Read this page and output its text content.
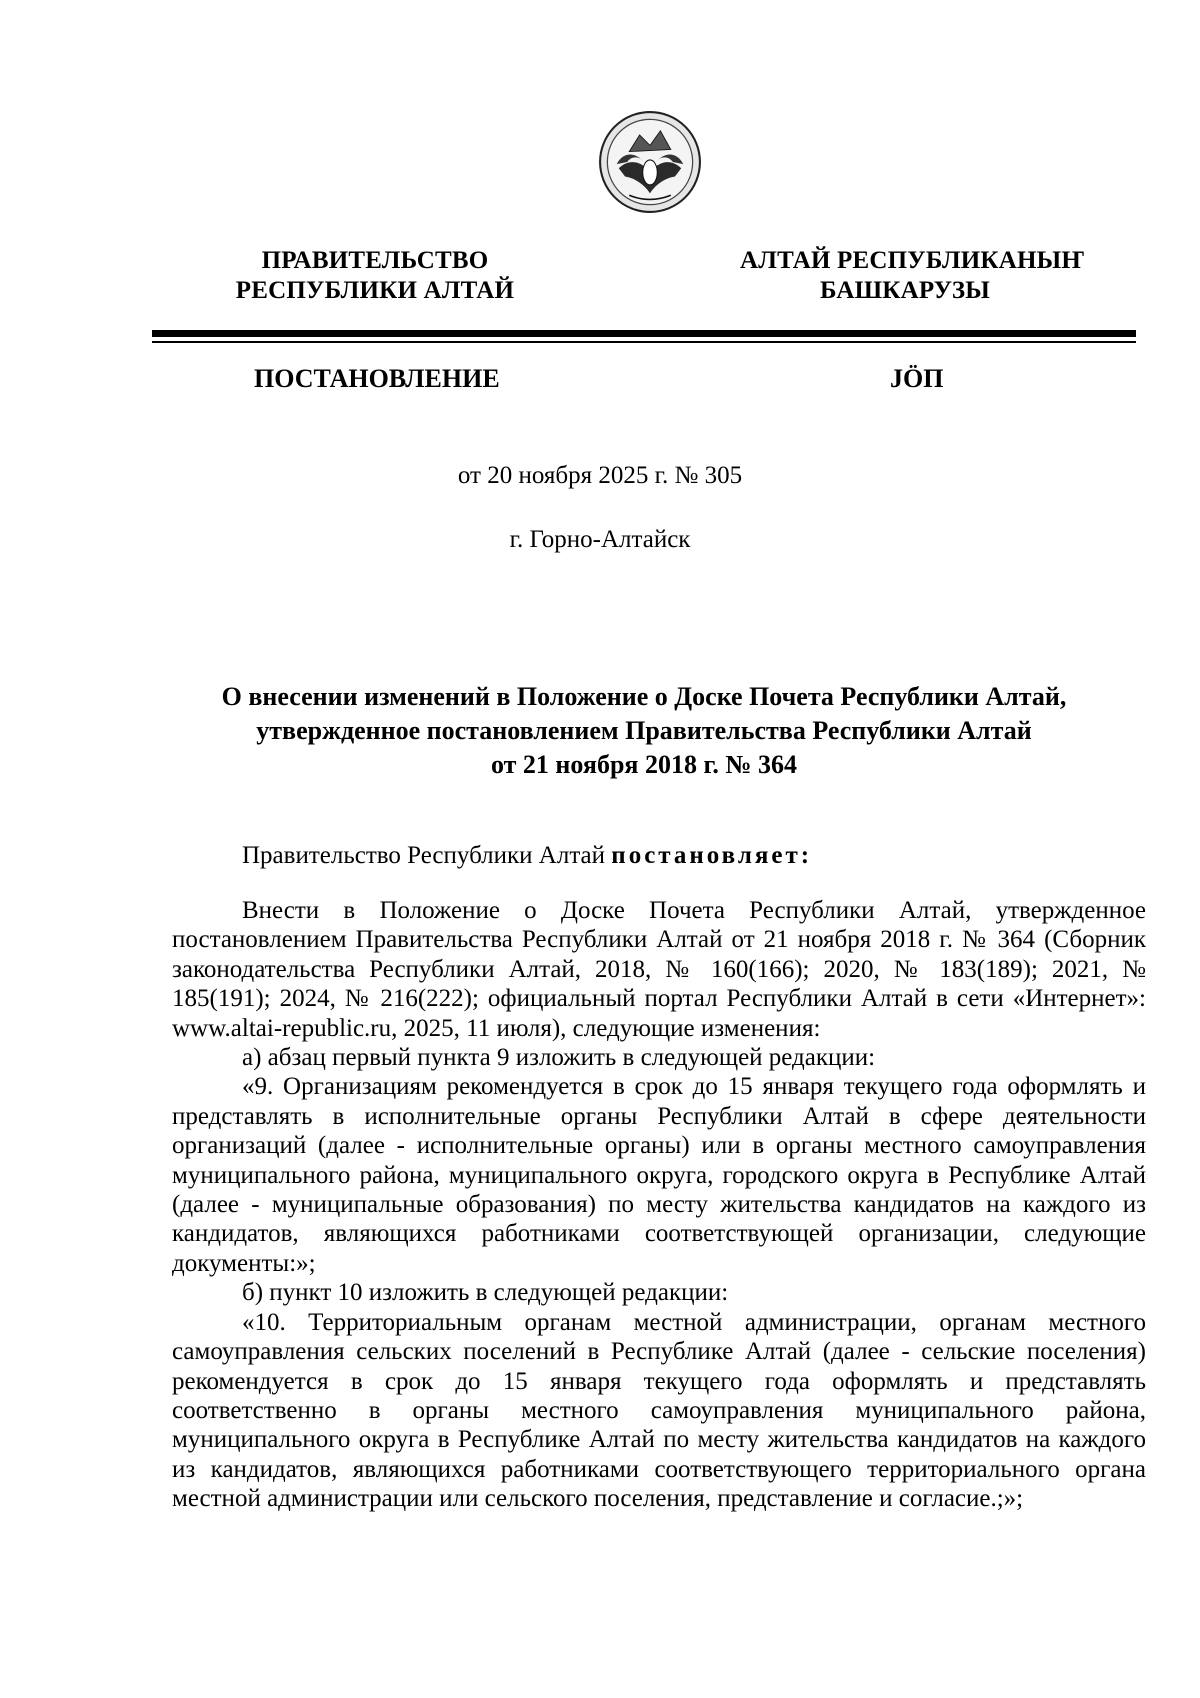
ПРАВИТЕЛЬСТВО
РЕСПУБЛИКИ АЛТАЙ
АЛТАЙ РЕСПУБЛИКАНЫҤ
БАШКАРУЗЫ
ПОСТАНОВЛЕНИЕ	JÖП
от 20 ноября 2025 г. № 305
г. Горно-Алтайск
О внесении изменений в Положение о Доске Почета Республики Алтай,
утвержденное постановлением Правительства Республики Алтай
от 21 ноября 2018 г. № 364
Правительство Республики Алтай постановляет:

Внести в Положение о Доске Почета Республики Алтай, утвержденное постановлением Правительства Республики Алтай от 21 ноября 2018 г. № 364 (Сборник законодательства Республики Алтай, 2018, № 160(166); 2020, № 183(189); 2021, № 185(191); 2024, № 216(222); официальный портал Республики Алтай в сети «Интернет»: www.altai-republic.ru, 2025, 11 июля), следующие изменения:

а) абзац первый пункта 9 изложить в следующей редакции:

«9. Организациям рекомендуется в срок до 15 января текущего года оформлять и представлять в исполнительные органы Республики Алтай в сфере деятельности организаций (далее - исполнительные органы) или в органы местного самоуправления муниципального района, муниципального округа, городского округа в Республике Алтай (далее - муниципальные образования) по месту жительства кандидатов на каждого из кандидатов, являющихся работниками соответствующей организации, следующие документы:»;

б) пункт 10 изложить в следующей редакции:

«10. Территориальным органам местной администрации, органам местного самоуправления сельских поселений в Республике Алтай (далее - сельские поселения) рекомендуется в срок до 15 января текущего года оформлять и представлять соответственно в органы местного самоуправления муниципального района, муниципального округа в Республике Алтай по месту жительства кандидатов на каждого из кандидатов, являющихся работниками соответствующего территориального органа местной администрации или сельского поселения, представление и согласие.;»;
